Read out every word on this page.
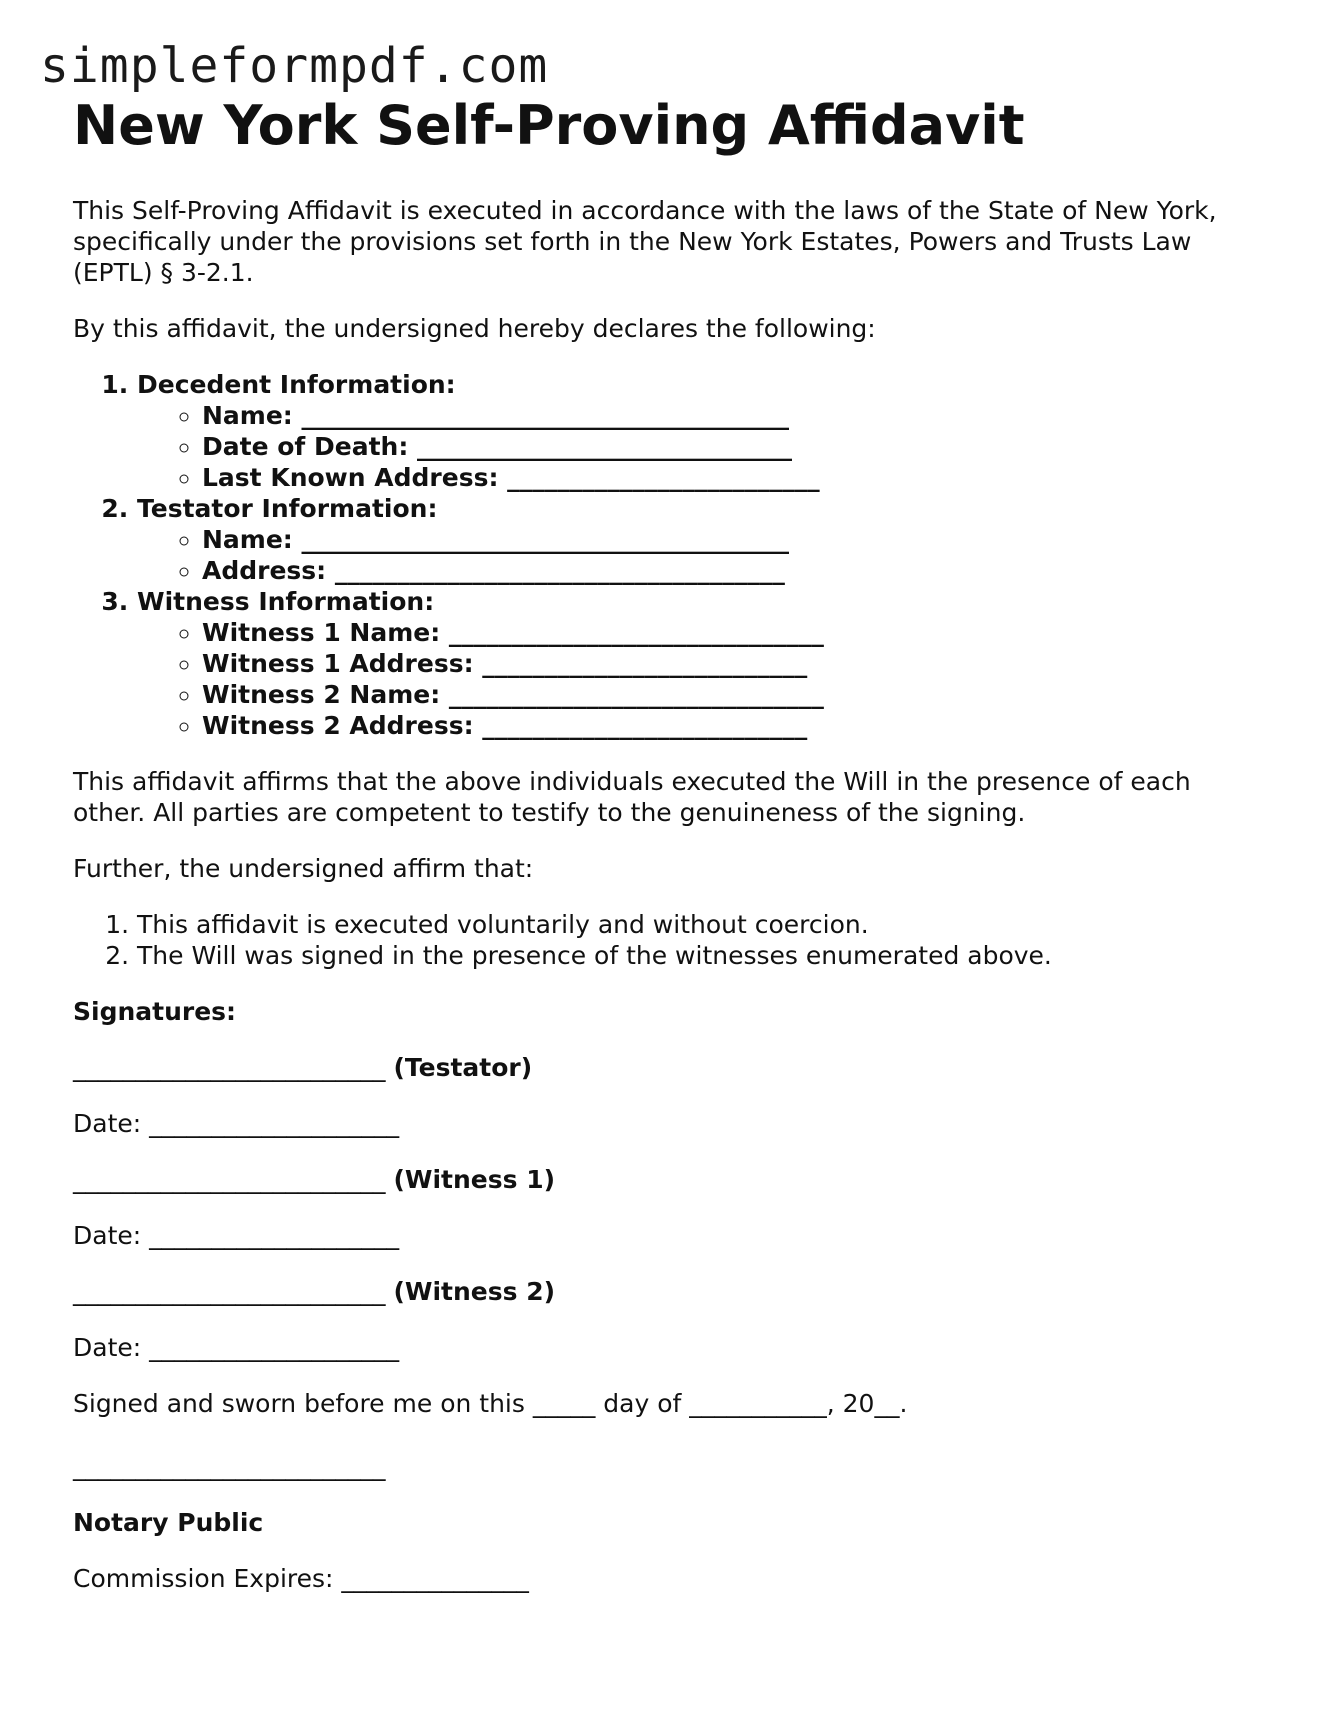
simpleformpdf.com
New York Self-Proving Affidavit

This Self-Proving Affidavit is executed in accordance with the laws of the State of New York, specifically under the provisions set forth in the New York Estates, Powers and Trusts Law (EPTL) § 3-2.1.

By this affidavit, the undersigned hereby declares the following:

1. Decedent Information:
◦ Name: _______________________________________
◦ Date of Death: ______________________________
◦ Last Known Address: _________________________
2. Testator Information:
◦ Name: _______________________________________
◦ Address: ____________________________________
3. Witness Information:
◦ Witness 1 Name: ______________________________
◦ Witness 1 Address: __________________________
◦ Witness 2 Name: ______________________________
◦ Witness 2 Address: __________________________

This affidavit affirms that the above individuals executed the Will in the presence of each other. All parties are competent to testify to the genuineness of the signing.

Further, the undersigned affirm that:

1. This affidavit is executed voluntarily and without coercion.
2. The Will was signed in the presence of the witnesses enumerated above.

Signatures:

_________________________ (Testator)

Date: ____________________

_________________________ (Witness 1)

Date: ____________________

_________________________ (Witness 2)

Date: ____________________

Signed and sworn before me on this _____ day of ___________, 20__.

_________________________

Notary Public

Commission Expires: _______________
